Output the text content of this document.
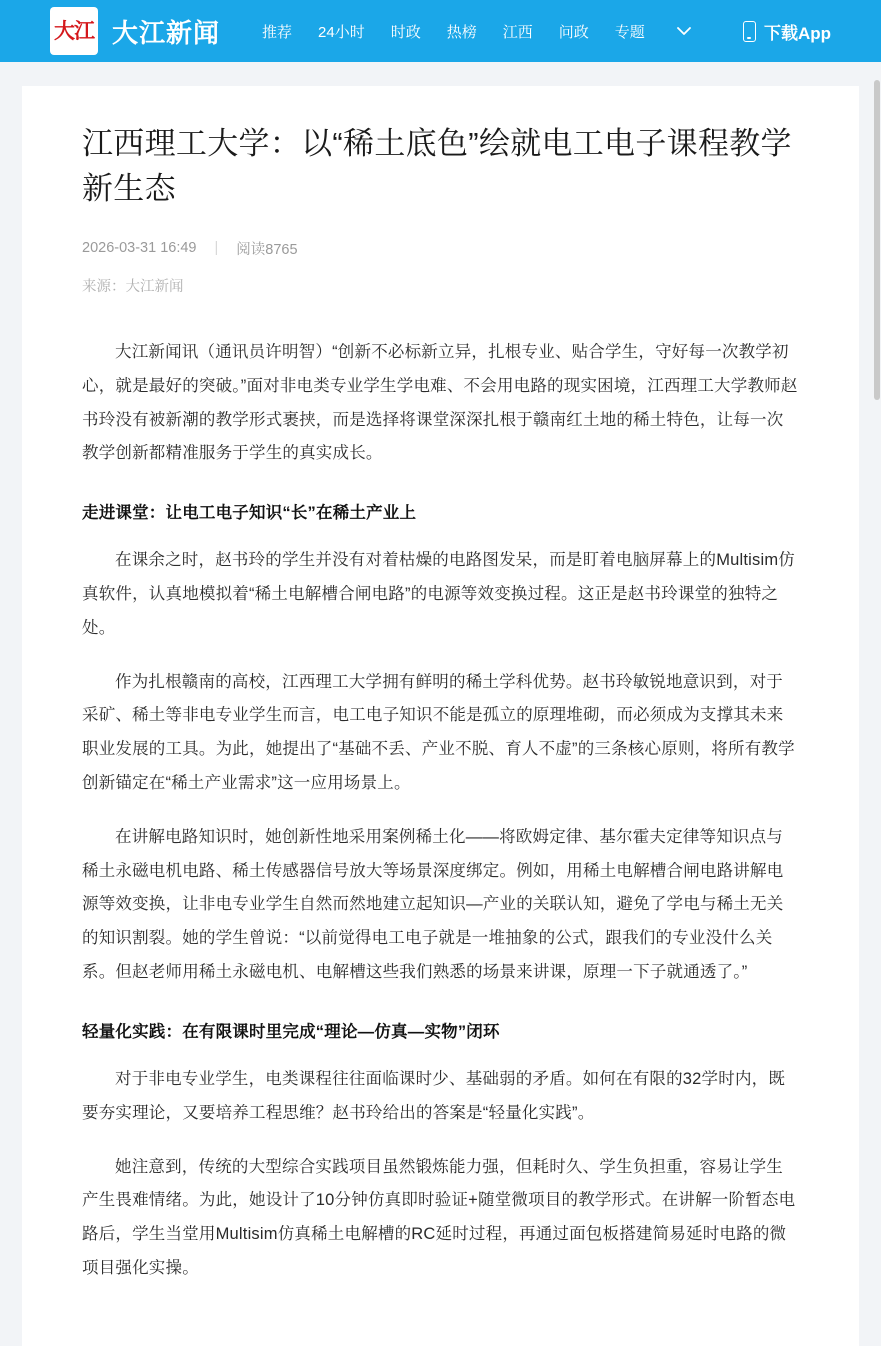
大江 大江新闻	推荐 24小时 时政 热榜 江西 问政 专题	下载App
江西理工大学：以“稀土底色”绘就电工电子课程教学新生态
2026-03-31 16:49 | 阅读8765
来源：大江新闻

大江新闻讯（通讯员许明智）“创新不必标新立异，扎根专业、贴合学生，守好每一次教学初心，就是最好的突破。”面对非电类专业学生学电难、不会用电路的现实困境，江西理工大学教师赵书玲没有被新潮的教学形式裹挟，而是选择将课堂深深扎根于赣南红土地的稀土特色，让每一次教学创新都精准服务于学生的真实成长。

走进课堂：让电工电子知识“长”在稀土产业上

在课余之时，赵书玲的学生并没有对着枯燥的电路图发呆，而是盯着电脑屏幕上的Multisim仿真软件，认真地模拟着“稀土电解槽合闸电路”的电源等效变换过程。这正是赵书玲课堂的独特之处。

作为扎根赣南的高校，江西理工大学拥有鲜明的稀土学科优势。赵书玲敏锐地意识到，对于采矿、稀土等非电专业学生而言，电工电子知识不能是孤立的原理堆砌，而必须成为支撑其未来职业发展的工具。为此，她提出了“基础不丢、产业不脱、育人不虚”的三条核心原则，将所有教学创新锚定在“稀土产业需求”这一应用场景上。

在讲解电路知识时，她创新性地采用案例稀土化——将欧姆定律、基尔霍夫定律等知识点与稀土永磁电机电路、稀土传感器信号放大等场景深度绑定。例如，用稀土电解槽合闸电路讲解电源等效变换，让非电专业学生自然而然地建立起知识—产业的关联认知，避免了学电与稀土无关的知识割裂。她的学生曾说：“以前觉得电工电子就是一堆抽象的公式，跟我们的专业没什么关系。但赵老师用稀土永磁电机、电解槽这些我们熟悉的场景来讲课，原理一下子就通透了。”

轻量化实践：在有限课时里完成“理论—仿真—实物”闭环

对于非电专业学生，电类课程往往面临课时少、基础弱的矛盾。如何在有限的32学时内，既要夯实理论，又要培养工程思维？赵书玲给出的答案是“轻量化实践”。

她注意到，传统的大型综合实践项目虽然锻炼能力强，但耗时久、学生负担重，容易让学生产生畏难情绪。为此，她设计了10分钟仿真即时验证+随堂微项目的教学形式。在讲解一阶暂态电路后，学生当堂用Multisim仿真稀土电解槽的RC延时过程，再通过面包板搭建简易延时电路的微项目强化实操。
